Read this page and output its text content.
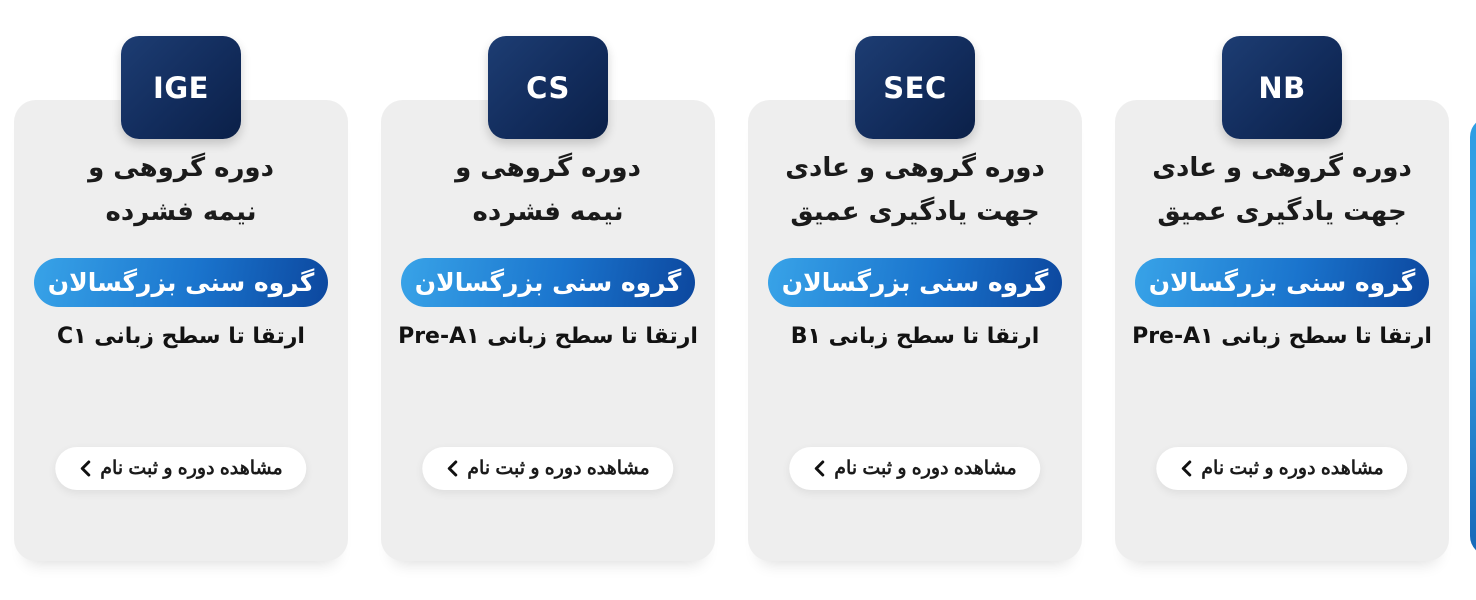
IGE
دوره گروهی و
نیمه فشرده
گروه سنی بزرگسالان
ارتقا تا سطح زبانی C۱
مشاهده دوره و ثبت نام
CS
دوره گروهی و
نیمه فشرده
گروه سنی بزرگسالان
ارتقا تا سطح زبانی Pre-A۱
مشاهده دوره و ثبت نام
SEC
دوره گروهی و عادی
جهت یادگیری عمیق
گروه سنی بزرگسالان
ارتقا تا سطح زبانی B۱
مشاهده دوره و ثبت نام
NB
دوره گروهی و عادی
جهت یادگیری عمیق
گروه سنی بزرگسالان
ارتقا تا سطح زبانی Pre-A۱
مشاهده دوره و ثبت نام
